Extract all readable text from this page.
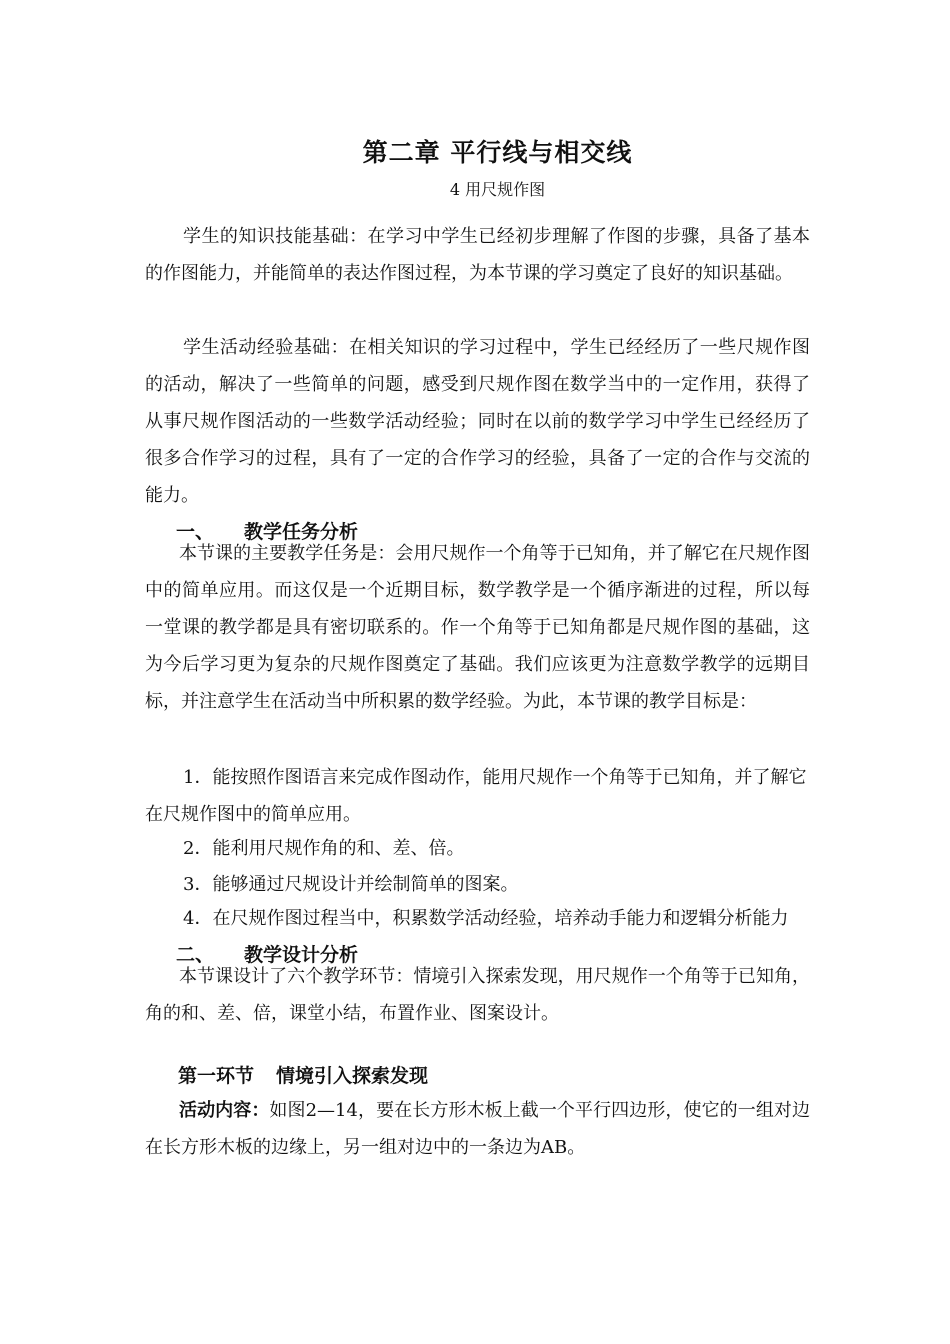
第二章 平行线与相交线
4 用尺规作图

学生的知识技能基础：在学习中学生已经初步理解了作图的步骤，具备了基本的作图能力，并能简单的表达作图过程，为本节课的学习奠定了良好的知识基础。

学生活动经验基础：在相关知识的学习过程中，学生已经经历了一些尺规作图的活动，解决了一些简单的问题，感受到尺规作图在数学当中的一定作用，获得了从事尺规作图活动的一些数学活动经验；同时在以前的数学学习中学生已经经历了很多合作学习的过程，具有了一定的合作学习的经验，具备了一定的合作与交流的能力。

一、 教学任务分析

本节课的主要教学任务是：会用尺规作一个角等于已知角，并了解它在尺规作图中的简单应用。而这仅是一个近期目标，数学教学是一个循序渐进的过程，所以每一堂课的教学都是具有密切联系的。作一个角等于已知角都是尺规作图的基础，这为今后学习更为复杂的尺规作图奠定了基础。我们应该更为注意数学教学的远期目标，并注意学生在活动当中所积累的数学经验。为此，本节课的教学目标是：

1．能按照作图语言来完成作图动作，能用尺规作一个角等于已知角，并了解它在尺规作图中的简单应用。

2．能利用尺规作角的和、差、倍。

3．能够通过尺规设计并绘制简单的图案。

4．在尺规作图过程当中，积累数学活动经验，培养动手能力和逻辑分析能力

二、 教学设计分析

本节课设计了六个教学环节：情境引入探索发现，用尺规作一个角等于已知角，角的和、差、倍，课堂小结，布置作业、图案设计。

第一环节 情境引入探索发现

活动内容：如图2—14，要在长方形木板上截一个平行四边形，使它的一组对边在长方形木板的边缘上，另一组对边中的一条边为AB。
